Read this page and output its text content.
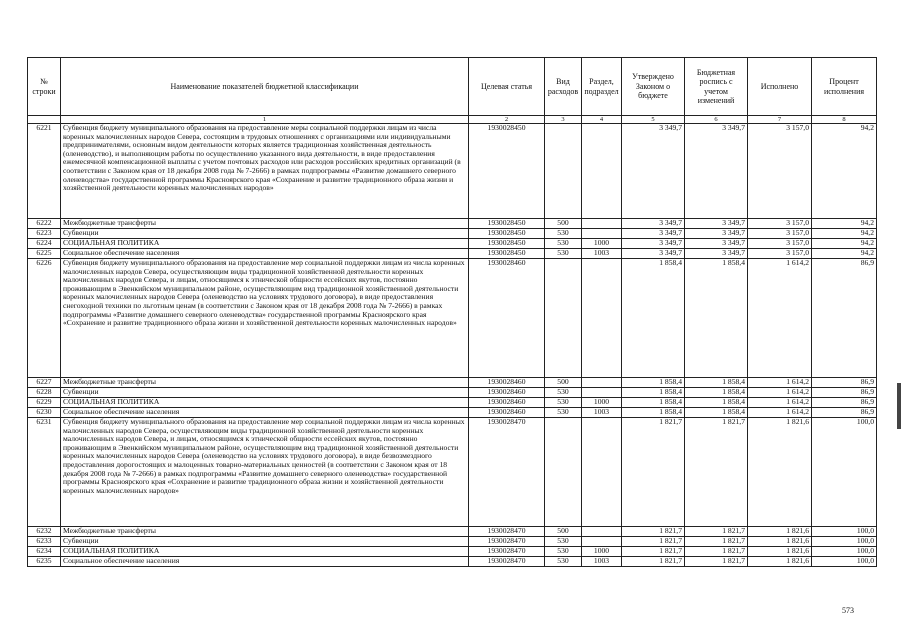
№ строки	Наименование показателей бюджетной классификации	Целевая статья	Вид расходов	Раздел, подраздел	Утверждено Законом о бюджете	Бюджетная роспись с учетом изменений	Исполнено	Процент исполнения
	1	2	3	4	5	6	7	8
6221	Субвенция бюджету муниципального образования на предоставление меры социальной поддержки лицам из числа коренных малочисленных народов Севера, состоящим в трудовых отношениях с организациями или индивидуальными предпринимателями, основным видом деятельности которых является традиционная хозяйственная деятельность (оленеводство), и выполняющим работы по осуществлению указанного вида деятельности, в виде предоставления ежемесячной компенсационной выплаты с учетом почтовых расходов или расходов российских кредитных организаций (в соответствии с Законом края от 18 декабря 2008 года № 7-2666) в рамках подпрограммы «Развитие домашнего северного оленеводства» государственной программы Красноярского края «Сохранение и развитие традиционного образа жизни и хозяйственной деятельности коренных малочисленных народов»	1930028450			3 349,7	3 349,7	3 157,0	94,2
6222	Межбюджетные трансферты	1930028450	500		3 349,7	3 349,7	3 157,0	94,2
6223	Субвенции	1930028450	530		3 349,7	3 349,7	3 157,0	94,2
6224	СОЦИАЛЬНАЯ ПОЛИТИКА	1930028450	530	1000	3 349,7	3 349,7	3 157,0	94,2
6225	Социальное обеспечение населения	1930028450	530	1003	3 349,7	3 349,7	3 157,0	94,2
6226	Субвенция бюджету муниципального образования на предоставление мер социальной поддержки лицам из числа коренных малочисленных народов Севера, осуществляющим виды традиционной хозяйственной деятельности коренных малочисленных народов Севера, и лицам, относящимся к этнической общности ессейских якутов, постоянно проживающим в Эвенкийском муниципальном районе, осуществляющим вид традиционной хозяйственной деятельности коренных малочисленных народов Севера (оленеводство на условиях трудового договора), в виде предоставления снегоходной техники по льготным ценам (в соответствии с Законом края от 18 декабря 2008 года № 7-2666) в рамках подпрограммы «Развитие домашнего северного оленеводства» государственной программы Красноярского края «Сохранение и развитие традиционного образа жизни и хозяйственной деятельности коренных малочисленных народов»	1930028460			1 858,4	1 858,4	1 614,2	86,9
6227	Межбюджетные трансферты	1930028460	500		1 858,4	1 858,4	1 614,2	86,9
6228	Субвенции	1930028460	530		1 858,4	1 858,4	1 614,2	86,9
6229	СОЦИАЛЬНАЯ ПОЛИТИКА	1930028460	530	1000	1 858,4	1 858,4	1 614,2	86,9
6230	Социальное обеспечение населения	1930028460	530	1003	1 858,4	1 858,4	1 614,2	86,9
6231	Субвенция бюджету муниципального образования на предоставление мер социальной поддержки лицам из числа коренных малочисленных народов Севера, осуществляющим виды традиционной хозяйственной деятельности коренных малочисленных народов Севера, и лицам, относящимся к этнической общности ессейских якутов, постоянно проживающим в Эвенкийском муниципальном районе, осуществляющим вид традиционной хозяйственной деятельности коренных малочисленных народов Севера (оленеводство на условиях трудового договора), в виде безвозмездного предоставления дорогостоящих и малоценных товарно-материальных ценностей (в соответствии с Законом края от 18 декабря 2008 года № 7-2666) в рамках подпрограммы «Развитие домашнего северного оленеводства» государственной программы Красноярского края «Сохранение и развитие традиционного образа жизни и хозяйственной деятельности коренных малочисленных народов»	1930028470			1 821,7	1 821,7	1 821,6	100,0
6232	Межбюджетные трансферты	1930028470	500		1 821,7	1 821,7	1 821,6	100,0
6233	Субвенции	1930028470	530		1 821,7	1 821,7	1 821,6	100,0
6234	СОЦИАЛЬНАЯ ПОЛИТИКА	1930028470	530	1000	1 821,7	1 821,7	1 821,6	100,0
6235	Социальное обеспечение населения	1930028470	530	1003	1 821,7	1 821,7	1 821,6	100,0
573
